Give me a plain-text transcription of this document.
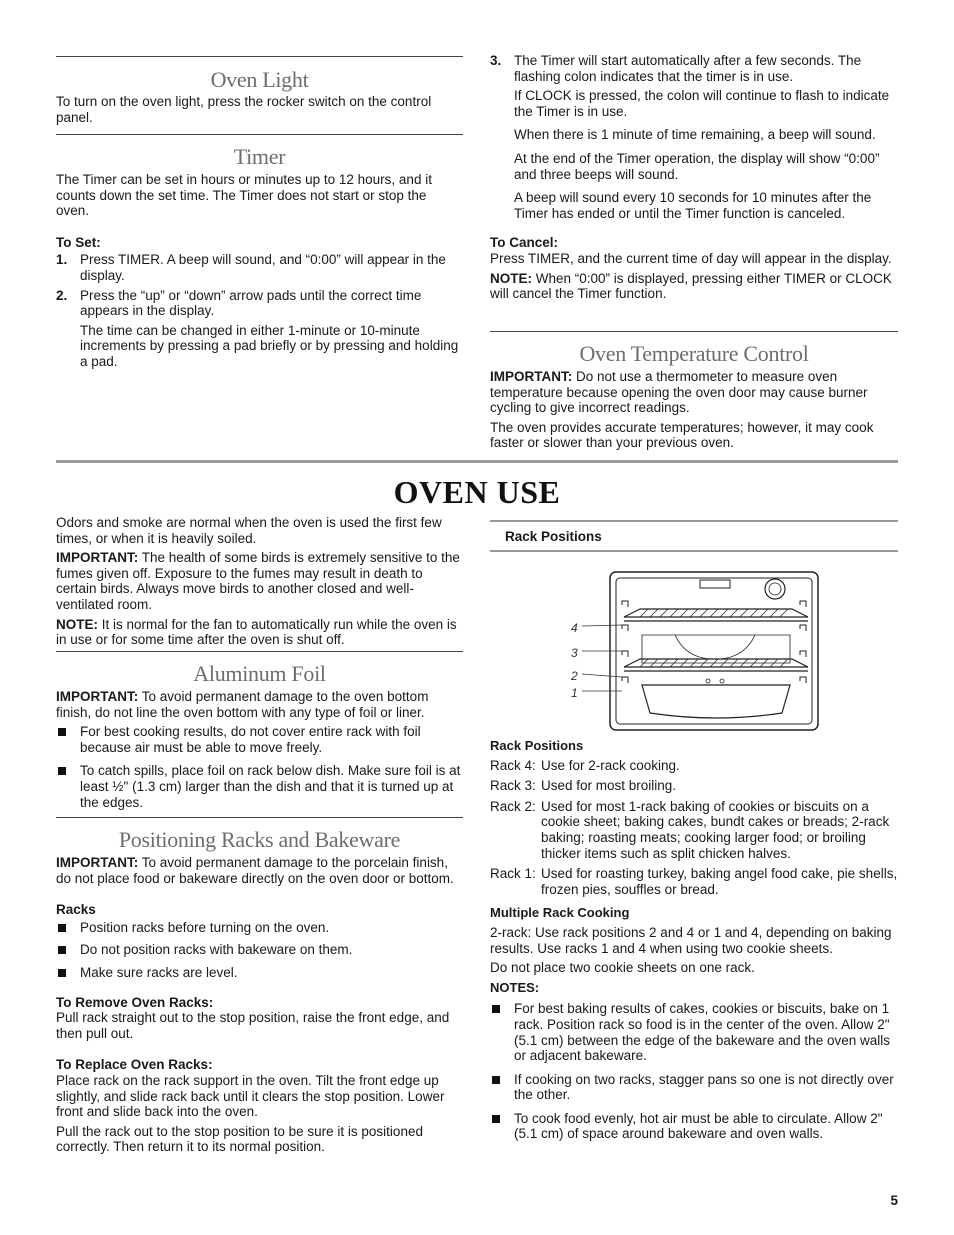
Oven Light

To turn on the oven light, press the rocker switch on the control panel.

Timer

The Timer can be set in hours or minutes up to 12 hours, and it counts down the set time. The Timer does not start or stop the oven.

To Set:

1. Press TIMER. A beep will sound, and “0:00” will appear in the display.
2. Press the “up” or “down” arrow pads until the correct time appears in the display.

The time can be changed in either 1-minute or 10-minute increments by pressing a pad briefly or by pressing and holding a pad.

3. The Timer will start automatically after a few seconds. The flashing colon indicates that the timer is in use.

If CLOCK is pressed, the colon will continue to flash to indicate the Timer is in use.

When there is 1 minute of time remaining, a beep will sound.

At the end of the Timer operation, the display will show “0:00” and three beeps will sound.

A beep will sound every 10 seconds for 10 minutes after the Timer has ended or until the Timer function is canceled.

To Cancel:

Press TIMER, and the current time of day will appear in the display.

NOTE: When “0:00” is displayed, pressing either TIMER or CLOCK will cancel the Timer function.

Oven Temperature Control

IMPORTANT: Do not use a thermometer to measure oven temperature because opening the oven door may cause burner cycling to give incorrect readings.

The oven provides accurate temperatures; however, it may cook faster or slower than your previous oven.

OVEN USE

Odors and smoke are normal when the oven is used the first few times, or when it is heavily soiled.

IMPORTANT: The health of some birds is extremely sensitive to the fumes given off. Exposure to the fumes may result in death to certain birds. Always move birds to another closed and well-ventilated room.

NOTE: It is normal for the fan to automatically run while the oven is in use or for some time after the oven is shut off.

Aluminum Foil

IMPORTANT: To avoid permanent damage to the oven bottom finish, do not line the oven bottom with any type of foil or liner.

For best cooking results, do not cover entire rack with foil because air must be able to move freely.

To catch spills, place foil on rack below dish. Make sure foil is at least ½" (1.3 cm) larger than the dish and that it is turned up at the edges.

Positioning Racks and Bakeware

IMPORTANT: To avoid permanent damage to the porcelain finish, do not place food or bakeware directly on the oven door or bottom.

Racks

Position racks before turning on the oven.

Do not position racks with bakeware on them.

Make sure racks are level.

To Remove Oven Racks:

Pull rack straight out to the stop position, raise the front edge, and then pull out.

To Replace Oven Racks:

Place rack on the rack support in the oven. Tilt the front edge up slightly, and slide rack back until it clears the stop position. Lower front and slide back into the oven.

Pull the rack out to the stop position to be sure it is positioned correctly. Then return it to its normal position.

Rack Positions

4
3
2
1

Rack Positions

Rack 4: Use for 2-rack cooking.
Rack 3: Used for most broiling.
Rack 2: Used for most 1-rack baking of cookies or biscuits on a cookie sheet; baking cakes, bundt cakes or breads; 2-rack baking; roasting meats; cooking larger food; or broiling thicker items such as split chicken halves.
Rack 1: Used for roasting turkey, baking angel food cake, pie shells, frozen pies, souffles or bread.

Multiple Rack Cooking

2-rack: Use rack positions 2 and 4 or 1 and 4, depending on baking results. Use racks 1 and 4 when using two cookie sheets.

Do not place two cookie sheets on one rack.

NOTES:

For best baking results of cakes, cookies or biscuits, bake on 1 rack. Position rack so food is in the center of the oven. Allow 2" (5.1 cm) between the edge of the bakeware and the oven walls or adjacent bakeware.

If cooking on two racks, stagger pans so one is not directly over the other.

To cook food evenly, hot air must be able to circulate. Allow 2" (5.1 cm) of space around bakeware and oven walls.

5
